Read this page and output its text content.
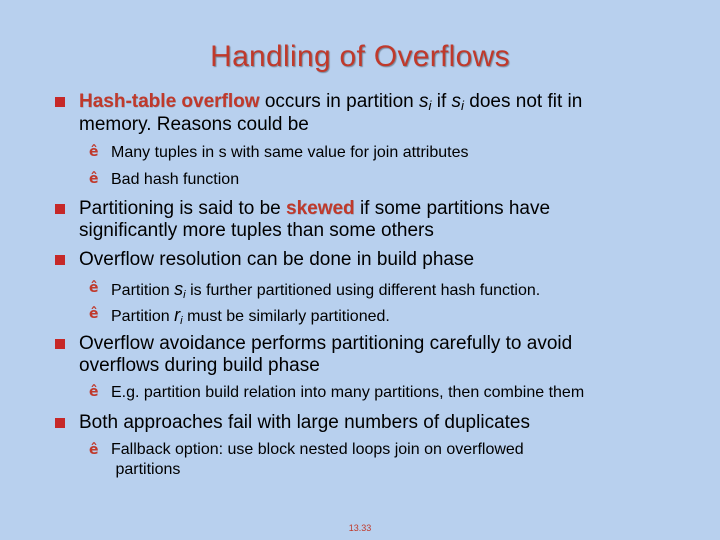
Handling of Overflows
Hash-table overflow occurs in partition $s_i$ if $s_i$ does not fit in
memory. Reasons could be
ê Many tuples in s with same value for join attributes
ê Bad hash function
Partitioning is said to be skewed if some partitions have
significantly more tuples than some others
Overflow resolution can be done in build phase
ê Partition $s_i$ is further partitioned using different hash function.
ê Partition $r_i$ must be similarly partitioned.
Overflow avoidance performs partitioning carefully to avoid
overflows during build phase
ê E.g. partition build relation into many partitions, then combine them
Both approaches fail with large numbers of duplicates
ê Fallback option: use block nested loops join on overflowed
partitions
13.33
